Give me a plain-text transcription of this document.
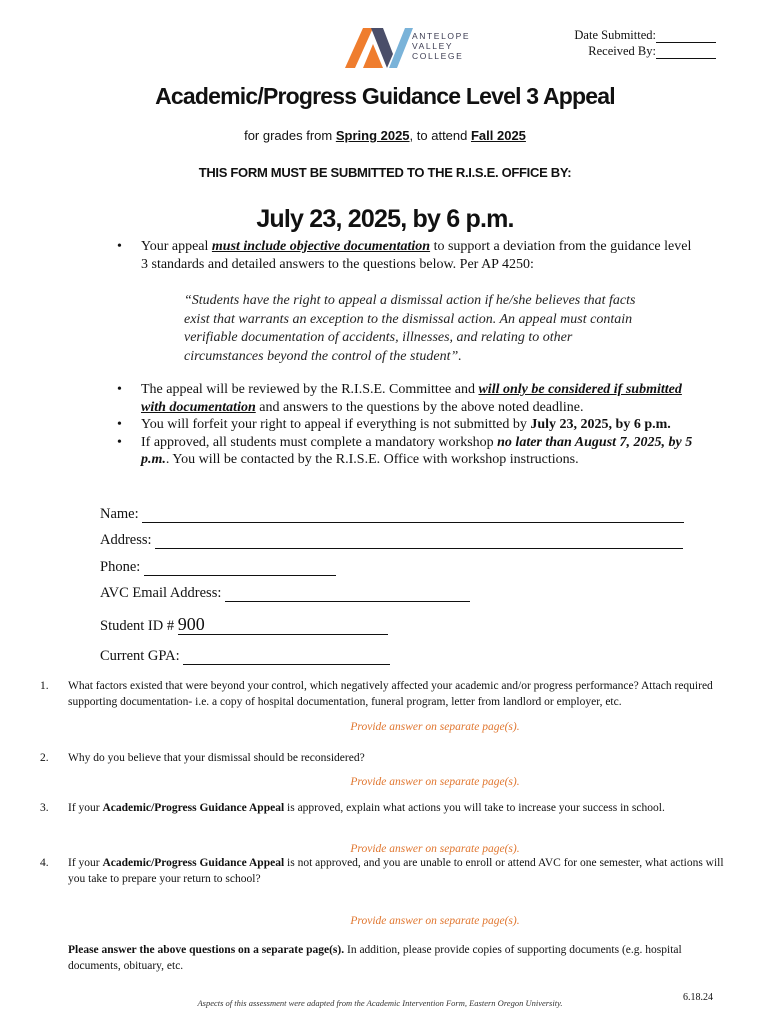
Date Submitted:
Received By:
ANTELOPE
VALLEY
COLLEGE
Academic/Progress Guidance Level 3 Appeal
for grades from Spring 2025, to attend Fall 2025
THIS FORM MUST BE SUBMITTED TO THE R.I.S.E. OFFICE BY:
July 23, 2025, by 6 p.m.
• Your appeal must include objective documentation to support a deviation from the guidance level 3 standards and detailed answers to the questions below. Per AP 4250:
“Students have the right to appeal a dismissal action if he/she believes that facts exist that warrants an exception to the dismissal action. An appeal must contain verifiable documentation of accidents, illnesses, and relating to other circumstances beyond the control of the student”.
• The appeal will be reviewed by the R.I.S.E. Committee and will only be considered if submitted with documentation and answers to the questions by the above noted deadline.
• You will forfeit your right to appeal if everything is not submitted by July 23, 2025, by 6 p.m.
• If approved, all students must complete a mandatory workshop no later than August 7, 2025, by 5 p.m.. You will be contacted by the R.I.S.E. Office with workshop instructions.
Name:
Address:
Phone:
AVC Email Address:
Student ID # 900
Current GPA:
1. What factors existed that were beyond your control, which negatively affected your academic and/or progress performance? Attach required supporting documentation- i.e. a copy of hospital documentation, funeral program, letter from landlord or employer, etc.
Provide answer on separate page(s).
2. Why do you believe that your dismissal should be reconsidered?
Provide answer on separate page(s).
3. If your Academic/Progress Guidance Appeal is approved, explain what actions you will take to increase your success in school.
Provide answer on separate page(s).
4. If your Academic/Progress Guidance Appeal is not approved, and you are unable to enroll or attend AVC for one semester, what actions will you take to prepare your return to school?
Provide answer on separate page(s).
Please answer the above questions on a separate page(s). In addition, please provide copies of supporting documents (e.g. hospital documents, obituary, etc.
Aspects of this assessment were adapted from the Academic Intervention Form, Eastern Oregon University.	6.18.24
